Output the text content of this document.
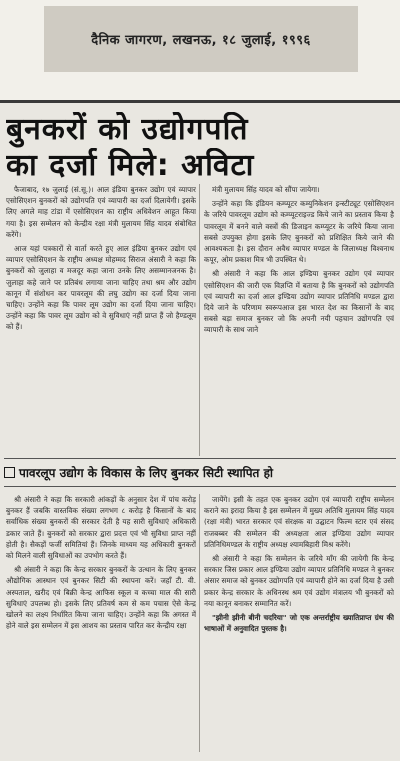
दैनिक जागरण, लखनऊ, १८ जुलाई, १९९६
बुनकरों को उद्योगपति
का दर्जा मिले: अविटा

फैजाबाद, १७ जुलाई (सं.सू.)। आल इंडिया बुनकर उद्योग एवं व्यापार एसोसिएशन बुनकरों को उद्योगपति एवं व्यापारी का दर्जा दिलायेगी। इसके लिए अगले माह टांडा में एसोसिएशन का राष्ट्रीय अधिवेशन आहूत किया गया है। इस सम्मेलन को केन्द्रीय रक्षा मंत्री मुलायम सिंह यादव संबोधित करेंगे।

आज यहां पत्रकारों से वार्ता करते हुए आल इंडिया बुनकर उद्योग एवं व्यापार एसोसिएशन के राष्ट्रीय अध्यक्ष मोहम्मद सिराज अंसारी ने कहा कि बुनकरों को जुलाहा व मजदूर कहा जाना उनके लिए असम्मानजनक है। जुलाहा कहे जाने पर प्रतिबंध लगाया जाना चाहिए तथा श्रम और उद्योग कानून में संशोधन कर पावरलूम की लघु उद्योग का दर्जा दिया जाना चाहिए। उन्होंने कहा कि पावर लूम उद्योग का दर्जा दिया जाना चाहिए। उन्होंने कहा कि पावर लूम उद्योग को वे सुविधाएं नहीं प्राप्त हैं जो हैण्डलूम को हैं।

मंत्री मुलायम सिंह यादव को सौंपा जायेगा।

उन्होंने कहा कि इंडियन कम्प्यूटर कम्युनिकेशन इन्स्टीट्यूट एसोसिएशन के जरिये पावरलूम उद्योग को कम्प्यूटराइज्ड किये जाने का प्रस्ताव किया है पावरलूम में बनने वाले वस्त्रों की डिजाइन कम्प्यूटर के जरिये किया जाना सबसे उपयुक्त होगा इसके लिए बुनकरों को प्रशिक्षित किये जाने की आवश्यकता है। इस दौरान अवैध व्यापार मण्डल के जिलाध्यक्ष विश्वनाथ कपूर, ओम प्रकाश मित्र भी उपस्थित थे।

श्री अंसारी ने कहा कि आल इण्डिया बुनकर उद्योग एवं व्यापार एसोसिएशन की जारी एक विज्ञप्ति में बताया है कि बुनकरों को उद्योगपति एवं व्यापारी का दर्जा आल इण्डिया उद्योग व्यापार प्रतिनिधि मण्डल द्वारा दिये जाने के परिणाम स्वरूपआज इस भारत देश का किसानों के बाद सबसे बड़ा समाज बुनकर जो कि अपनी नयी पहचान उद्योगपति एवं व्यापारी के साथ जाने

पावरलूप उद्योग के विकास के लिए बुनकर सिटी स्थापित हो

श्री अंसारी ने कहा कि सरकारी आंकड़ों के अनुसार देश में पांच करोड़ बुनकर हैं जबकि वास्तविक संख्या लगभग ८ करोड़ है किसानों के बाद सर्वाधिक संख्या बुनकरों की सरकार देती है यह सारी सुविधाएं अधिकारी डकार जाते हैं। बुनकरों को सरकार द्वारा प्रदत्त एवं भी सुविधा प्राप्त नहीं होती है। सैकड़ों फर्जी समितियां हैं। जिनके माध्यम यह अधिकारी बुनकरों को मिलने वाली सुविधाओं का उपभोग करते हैं।

श्री अंसारी ने कहा कि केन्द्र सरकार बुनकरों के उत्थान के लिए बुनकर औद्योगिक आस्थान एवं बुनकर सिटी की स्थापना करें। जहाँ टी. वी. अस्पताल, खरीद एवं बिक्री केन्द्र आफिस स्कूल व कच्चा माल की सारी सुविधाएं उपलब्ध हो। इसके लिए प्रतिवर्ष कम से कम पचास ऐसे केन्द्र खोलने का लक्ष्य निर्धारित किया जाना चाहिए। उन्होंने कहा कि अगस्त में होने वाले इस सम्मेलन में इस आशय का प्रस्ताव पारित कर केन्द्रीय रक्षा

जायेंगे। इसी के तहत एक बुनकर उद्योग एवं व्यापारी राष्ट्रीय सम्मेलन कराने का इरादा किया है इस सम्मेलन में मुख्य अतिथि मुलायम सिंह यादव (रक्षा मंत्री) भारत सरकार एवं संरक्षक वा उद्घाटन फिल्म स्टार एवं संसद राजबब्बर की सम्मेलन की अध्यक्षता आल इण्डिया उद्योग व्यापार प्रतिनिधिमण्डल के राष्ट्रीय अध्यक्ष श्यामबिहारी मिश्र करेंगे।

श्री अंसारी ने कहा कि सम्मेलन के जरिये माँग की जायेगी कि केन्द्र सरकार जिस प्रकार आल इण्डिया उद्योग व्यापार प्रतिनिधि मण्डल ने बुनकर अंसार समाज को बुनकर उद्योगपति एवं व्यापारी होने का दर्जा दिया है उसी प्रकार केन्द्र सरकार के अधिनस्थ श्रम एवं उद्योग मंत्रालय भी बुनकरों को नया कानून बनाकर सम्मानित करें।

"झीनी झीनी बीनी चदरिया" जो एक अन्तर्राष्ट्रीय ख्यातिप्राप्त ग्रंथ की भाषाओं में अनुवादित पुस्तक है।
